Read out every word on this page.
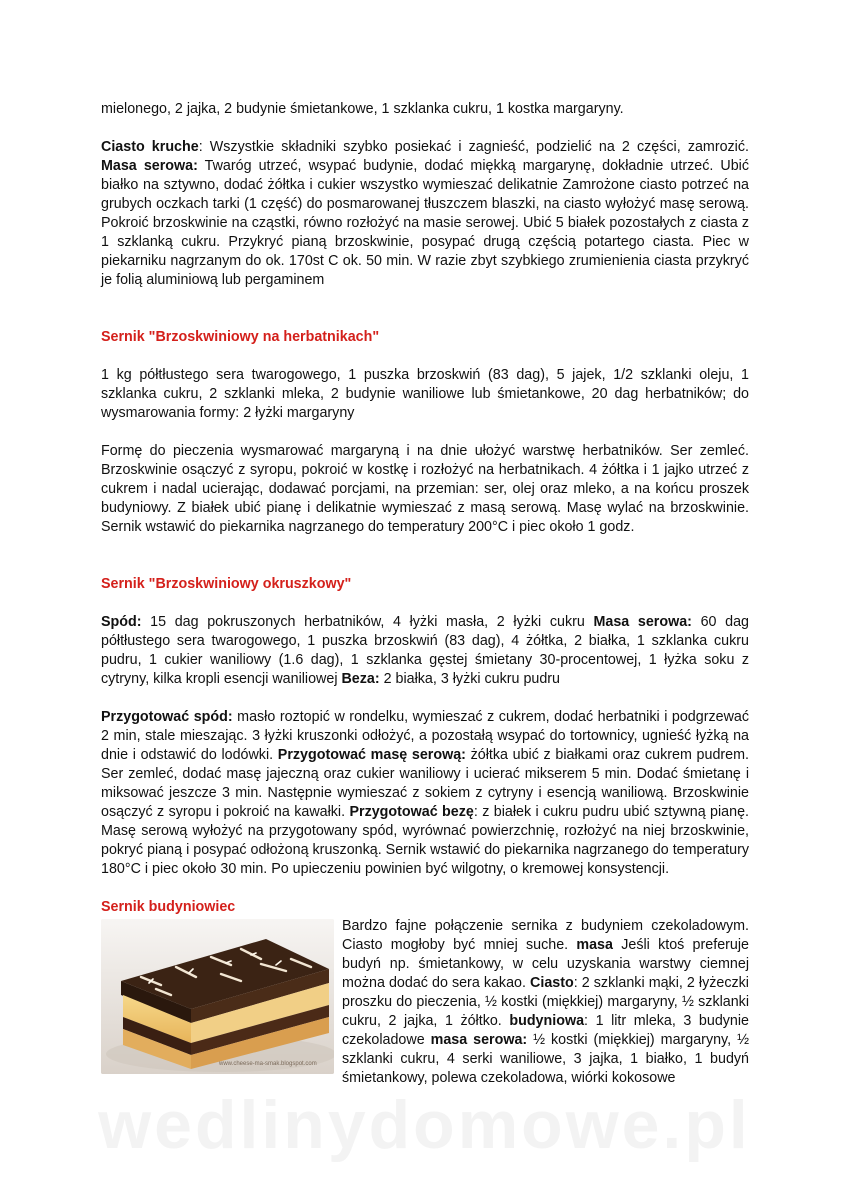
mielonego, 2 jajka, 2 budynie śmietankowe, 1 szklanka cukru, 1 kostka margaryny.

Ciasto kruche: Wszystkie składniki szybko posiekać i zagnieść, podzielić na 2 części, zamrozić. Masa serowa: Twaróg utrzeć, wsypać budynie, dodać miękką margarynę, dokładnie utrzeć. Ubić białko na sztywno, dodać żółtka i cukier wszystko wymieszać delikatnie Zamrożone ciasto potrzeć na grubych oczkach tarki (1 część) do posmarowanej tłuszczem blaszki, na ciasto wyłożyć masę serową. Pokroić brzoskwinie na cząstki, równo rozłożyć na masie serowej. Ubić 5 białek pozostałych z ciasta z 1 szklanką cukru. Przykryć pianą brzoskwinie, posypać drugą częścią potartego ciasta. Piec w piekarniku nagrzanym do ok. 170st C ok. 50 min. W razie zbyt szybkiego zrumienienia ciasta przykryć je folią aluminiową lub pergaminem

Sernik "Brzoskwiniowy na herbatnikach"

1 kg półtłustego sera twarogowego, 1 puszka brzoskwiń (83 dag), 5 jajek, 1/2 szklanki oleju, 1 szklanka cukru, 2 szklanki mleka, 2 budynie waniliowe lub śmietankowe, 20 dag herbatników; do wysmarowania formy: 2 łyżki margaryny

Formę do pieczenia wysmarować margaryną i na dnie ułożyć warstwę herbatników. Ser zemleć. Brzoskwinie osączyć z syropu, pokroić w kostkę i rozłożyć na herbatnikach. 4 żółtka i 1 jajko utrzeć z cukrem i nadal ucierając, dodawać porcjami, na przemian: ser, olej oraz mleko, a na końcu proszek budyniowy. Z białek ubić pianę i delikatnie wymieszać z masą serową. Masę wylać na brzoskwinie. Sernik wstawić do piekarnika nagrzanego do temperatury 200°C i piec około 1 godz.

Sernik "Brzoskwiniowy okruszkowy"

Spód: 15 dag pokruszonych herbatników, 4 łyżki masła, 2 łyżki cukru Masa serowa: 60 dag półtłustego sera twarogowego, 1 puszka brzoskwiń (83 dag), 4 żółtka, 2 białka, 1 szklanka cukru pudru, 1 cukier waniliowy (1.6 dag), 1 szklanka gęstej śmietany 30-procentowej, 1 łyżka soku z cytryny, kilka kropli esencji waniliowej Beza: 2 białka, 3 łyżki cukru pudru

Przygotować spód: masło roztopić w rondelku, wymieszać z cukrem, dodać herbatniki i podgrzewać 2 min, stale mieszając. 3 łyżki kruszonki odłożyć, a pozostałą wsypać do tortownicy, ugnieść łyżką na dnie i odstawić do lodówki. Przygotować masę serową: żółtka ubić z białkami oraz cukrem pudrem. Ser zemleć, dodać masę jajeczną oraz cukier waniliowy i ucierać mikserem 5 min. Dodać śmietanę i miksować jeszcze 3 min. Następnie wymieszać z sokiem z cytryny i esencją waniliową. Brzoskwinie osączyć z syropu i pokroić na kawałki. Przygotować bezę: z białek i cukru pudru ubić sztywną pianę. Masę serową wyłożyć na przygotowany spód, wyrównać powierzchnię, rozłożyć na niej brzoskwinie, pokryć pianą i posypać odłożoną kruszonką. Sernik wstawić do piekarnika nagrzanego do temperatury 180°C i piec około 30 min. Po upieczeniu powinien być wilgotny, o kremowej konsystencji.

Sernik budyniowiec
www.cheese-ma-smak.blogspot.com

Bardzo fajne połączenie sernika z budyniem czekoladowym. Ciasto mogłoby być mniej suche. masa Jeśli ktoś preferuje budyń np. śmietankowy, w celu uzyskania warstwy ciemnej można dodać do sera kakao. Ciasto: 2 szklanki mąki, 2 łyżeczki proszku do pieczenia, ½ kostki (miękkiej) margaryny, ½ szklanki cukru, 2 jajka, 1 żółtko. budyniowa: 1 litr mleka, 3 budynie czekoladowe masa serowa: ½ kostki (miękkiej) margaryny, ½ szklanki cukru, 4 serki waniliowe, 3 jajka, 1 białko, 1 budyń śmietankowy, polewa czekoladowa, wiórki kokosowe

wedlinydomowe.pl
